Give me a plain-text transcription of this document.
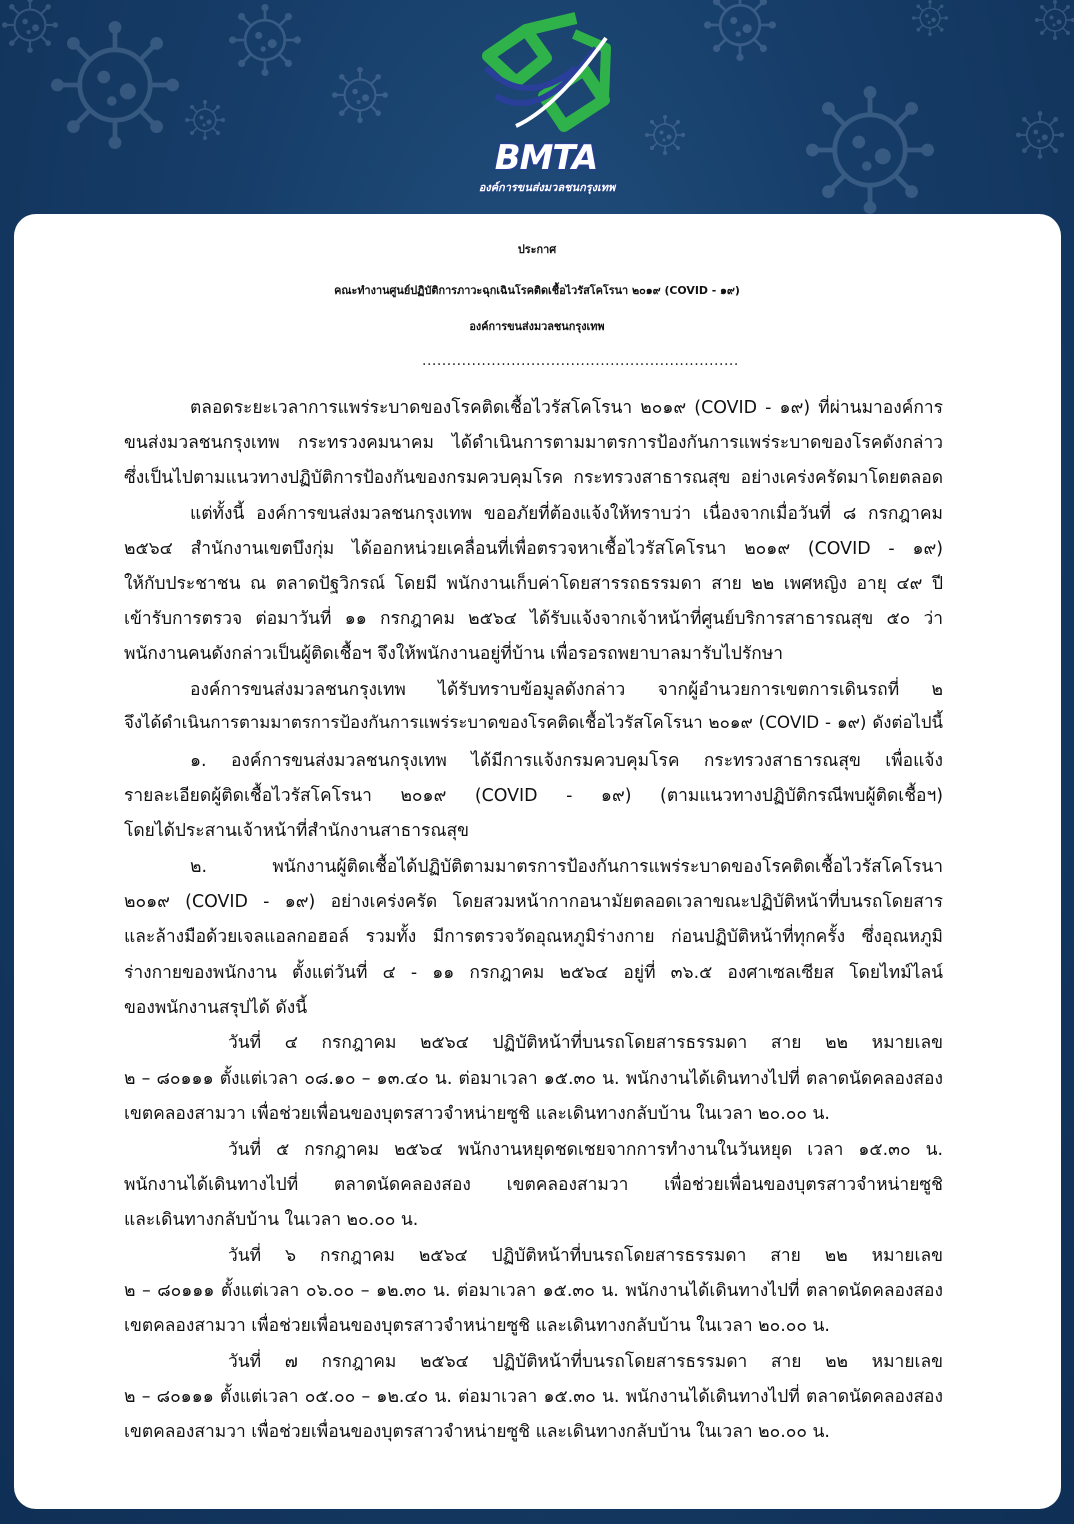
BMTA
องค์การขนส่งมวลชนกรุงเทพ
ประกาศ
คณะทำงานศูนย์ปฏิบัติการภาวะฉุกเฉินโรคติดเชื้อไวรัสโคโรนา ๒๐๑๙ (COVID - ๑๙)
องค์การขนส่งมวลชนกรุงเทพ
................................................................
ตลอดระยะเวลาการแพร่ระบาดของโรคติดเชื้อไวรัสโคโรนา ๒๐๑๙ (COVID - ๑๙) ที่ผ่านมาองค์การ
ขนส่งมวลชนกรุงเทพ กระทรวงคมนาคม ได้ดำเนินการตามมาตรการป้องกันการแพร่ระบาดของโรคดังกล่าว
ซึ่งเป็นไปตามแนวทางปฏิบัติการป้องกันของกรมควบคุมโรค กระทรวงสาธารณสุข อย่างเคร่งครัดมาโดยตลอด
แต่ทั้งนี้ องค์การขนส่งมวลชนกรุงเทพ ขออภัยที่ต้องแจ้งให้ทราบว่า เนื่องจากเมื่อวันที่ ๘ กรกฎาคม
๒๕๖๔ สำนักงานเขตบึงกุ่ม ได้ออกหน่วยเคลื่อนที่เพื่อตรวจหาเชื้อไวรัสโคโรนา ๒๐๑๙ (COVID - ๑๙)
ให้กับประชาชน ณ ตลาดปัฐวิกรณ์ โดยมี พนักงานเก็บค่าโดยสารรถธรรมดา สาย ๒๒ เพศหญิง อายุ ๔๙ ปี
เข้ารับการตรวจ ต่อมาวันที่ ๑๑ กรกฎาคม ๒๕๖๔ ได้รับแจ้งจากเจ้าหน้าที่ศูนย์บริการสาธารณสุข ๕๐ ว่า
พนักงานคนดังกล่าวเป็นผู้ติดเชื้อฯ จึงให้พนักงานอยู่ที่บ้าน เพื่อรอรถพยาบาลมารับไปรักษา
องค์การขนส่งมวลชนกรุงเทพ ได้รับทราบข้อมูลดังกล่าว จากผู้อำนวยการเขตการเดินรถที่ ๒
จึงได้ดำเนินการตามมาตรการป้องกันการแพร่ระบาดของโรคติดเชื้อไวรัสโคโรนา ๒๐๑๙ (COVID - ๑๙) ดังต่อไปนี้
๑. องค์การขนส่งมวลชนกรุงเทพ ได้มีการแจ้งกรมควบคุมโรค กระทรวงสาธารณสุข เพื่อแจ้ง
รายละเอียดผู้ติดเชื้อไวรัสโคโรนา ๒๐๑๙ (COVID - ๑๙) (ตามแนวทางปฏิบัติกรณีพบผู้ติดเชื้อฯ)
โดยได้ประสานเจ้าหน้าที่สำนักงานสาธารณสุข
๒. พนักงานผู้ติดเชื้อได้ปฏิบัติตามมาตรการป้องกันการแพร่ระบาดของโรคติดเชื้อไวรัสโคโรนา
๒๐๑๙ (COVID - ๑๙) อย่างเคร่งครัด โดยสวมหน้ากากอนามัยตลอดเวลาขณะปฏิบัติหน้าที่บนรถโดยสาร
และล้างมือด้วยเจลแอลกอฮอล์ รวมทั้ง มีการตรวจวัดอุณหภูมิร่างกาย ก่อนปฏิบัติหน้าที่ทุกครั้ง ซึ่งอุณหภูมิ
ร่างกายของพนักงาน ตั้งแต่วันที่ ๔ - ๑๑ กรกฎาคม ๒๕๖๔ อยู่ที่ ๓๖.๕ องศาเซลเซียส โดยไทม์ไลน์
ของพนักงานสรุปได้ ดังนี้
วันที่ ๔ กรกฎาคม ๒๕๖๔ ปฏิบัติหน้าที่บนรถโดยสารธรรมดา สาย ๒๒ หมายเลข
๒ – ๘๐๑๑๑ ตั้งแต่เวลา ๐๘.๑๐ – ๑๓.๔๐ น. ต่อมาเวลา ๑๕.๓๐ น. พนักงานได้เดินทางไปที่ ตลาดนัดคลองสอง
เขตคลองสามวา เพื่อช่วยเพื่อนของบุตรสาวจำหน่ายซูชิ และเดินทางกลับบ้าน ในเวลา ๒๐.๐๐ น.
วันที่ ๕ กรกฎาคม ๒๕๖๔ พนักงานหยุดชดเชยจากการทำงานในวันหยุด เวลา ๑๕.๓๐ น.
พนักงานได้เดินทางไปที่ ตลาดนัดคลองสอง เขตคลองสามวา เพื่อช่วยเพื่อนของบุตรสาวจำหน่ายซูชิ
และเดินทางกลับบ้าน ในเวลา ๒๐.๐๐ น.
วันที่ ๖ กรกฎาคม ๒๕๖๔ ปฏิบัติหน้าที่บนรถโดยสารธรรมดา สาย ๒๒ หมายเลข
๒ – ๘๐๑๑๑ ตั้งแต่เวลา ๐๖.๐๐ – ๑๒.๓๐ น. ต่อมาเวลา ๑๕.๓๐ น. พนักงานได้เดินทางไปที่ ตลาดนัดคลองสอง
เขตคลองสามวา เพื่อช่วยเพื่อนของบุตรสาวจำหน่ายซูชิ และเดินทางกลับบ้าน ในเวลา ๒๐.๐๐ น.
วันที่ ๗ กรกฎาคม ๒๕๖๔ ปฏิบัติหน้าที่บนรถโดยสารธรรมดา สาย ๒๒ หมายเลข
๒ – ๘๐๑๑๑ ตั้งแต่เวลา ๐๕.๐๐ – ๑๒.๔๐ น. ต่อมาเวลา ๑๕.๓๐ น. พนักงานได้เดินทางไปที่ ตลาดนัดคลองสอง
เขตคลองสามวา เพื่อช่วยเพื่อนของบุตรสาวจำหน่ายซูชิ และเดินทางกลับบ้าน ในเวลา ๒๐.๐๐ น.
